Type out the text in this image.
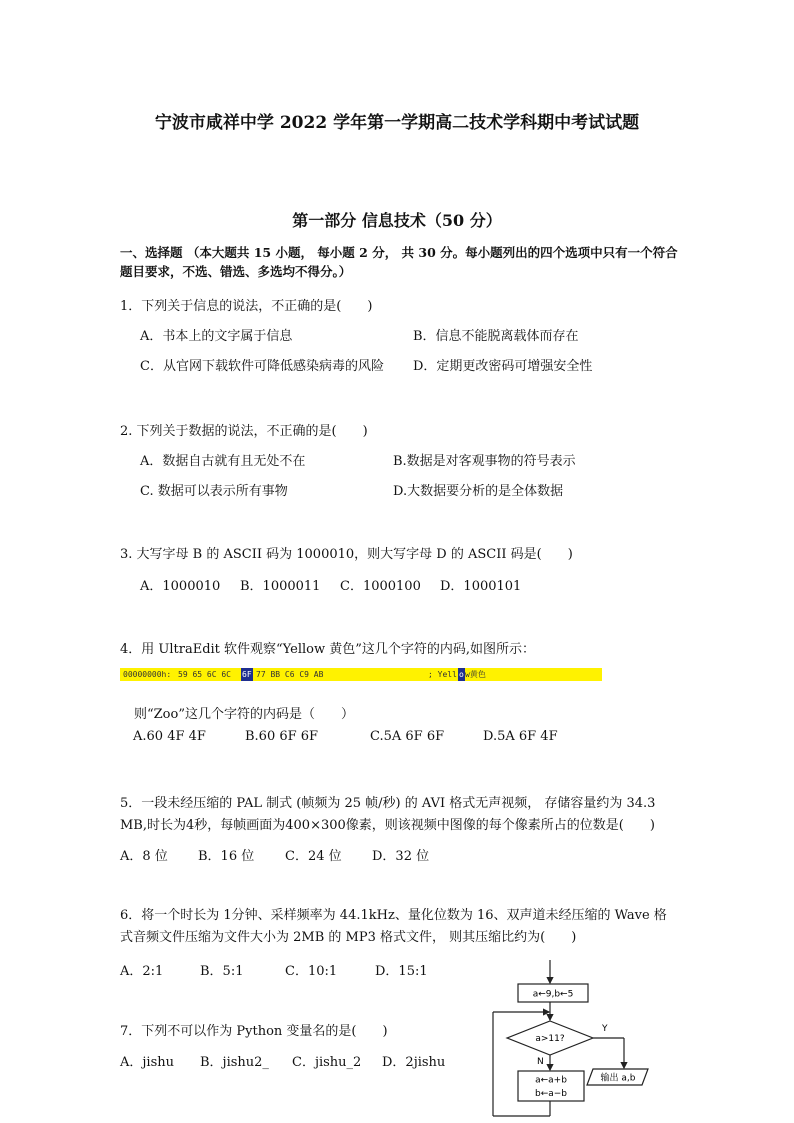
宁波市咸祥中学 2022 学年第一学期高二技术学科期中考试试题
第一部分 信息技术（50 分）
一、选择题 （本大题共 15 小题， 每小题 2 分， 共 30 分。每小题列出的四个选项中只有一个符合题目要求，不选、错选、多选均不得分。）
1．下列关于信息的说法，不正确的是(　　)
A．书本上的文字属于信息	B．信息不能脱离载体而存在
C．从官网下载软件可降低感染病毒的风险 D．定期更改密码可增强安全性
2. 下列关于数据的说法，不正确的是(　　)
A．数据自古就有且无处不在	B.数据是对客观事物的符号表示
C. 数据可以表示所有事物	D.大数据要分析的是全体数据
3. 大写字母 B 的 ASCII 码为 1000010，则大写字母 D 的 ASCII 码是(　　)
A．1000010 B．1000011 C．1000100 D．1000101
4．用 UltraEdit 软件观察“Yellow 黄色”这几个字符的内码,如图所示：
00000000h: 59 65 6C 6C 6F 77 BB C6 C9 AB	; Yell o w黄色
则“Zoo”这几个字符的内码是（　　）
A.60 4F 4F	B.60 6F 6F	C.5A 6F 6F	D.5A 6F 4F
5．一段未经压缩的 PAL 制式 (帧频为 25 帧/秒) 的 AVI 格式无声视频， 存储容量约为 34.3 MB,时长为4秒，每帧画面为400×300像素，则该视频中图像的每个像素所占的位数是(　　)
A．8 位 B．16 位 C．24 位 D．32 位
6．将一个时长为 1分钟、采样频率为 44.1kHz、量化位数为 16、双声道未经压缩的 Wave 格式音频文件压缩为文件大小为 2MB 的 MP3 格式文件， 则其压缩比约为(　　)
A．2:1	B．5:1	C．10:1	D．15:1
7．下列不可以作为 Python 变量名的是(　　)
A．jishu B．jishu2_ C．jishu_2 D．2jishu
a←9,b←5
a>11?
Y
输出 a,b
N
a←a+b
b←a−b
